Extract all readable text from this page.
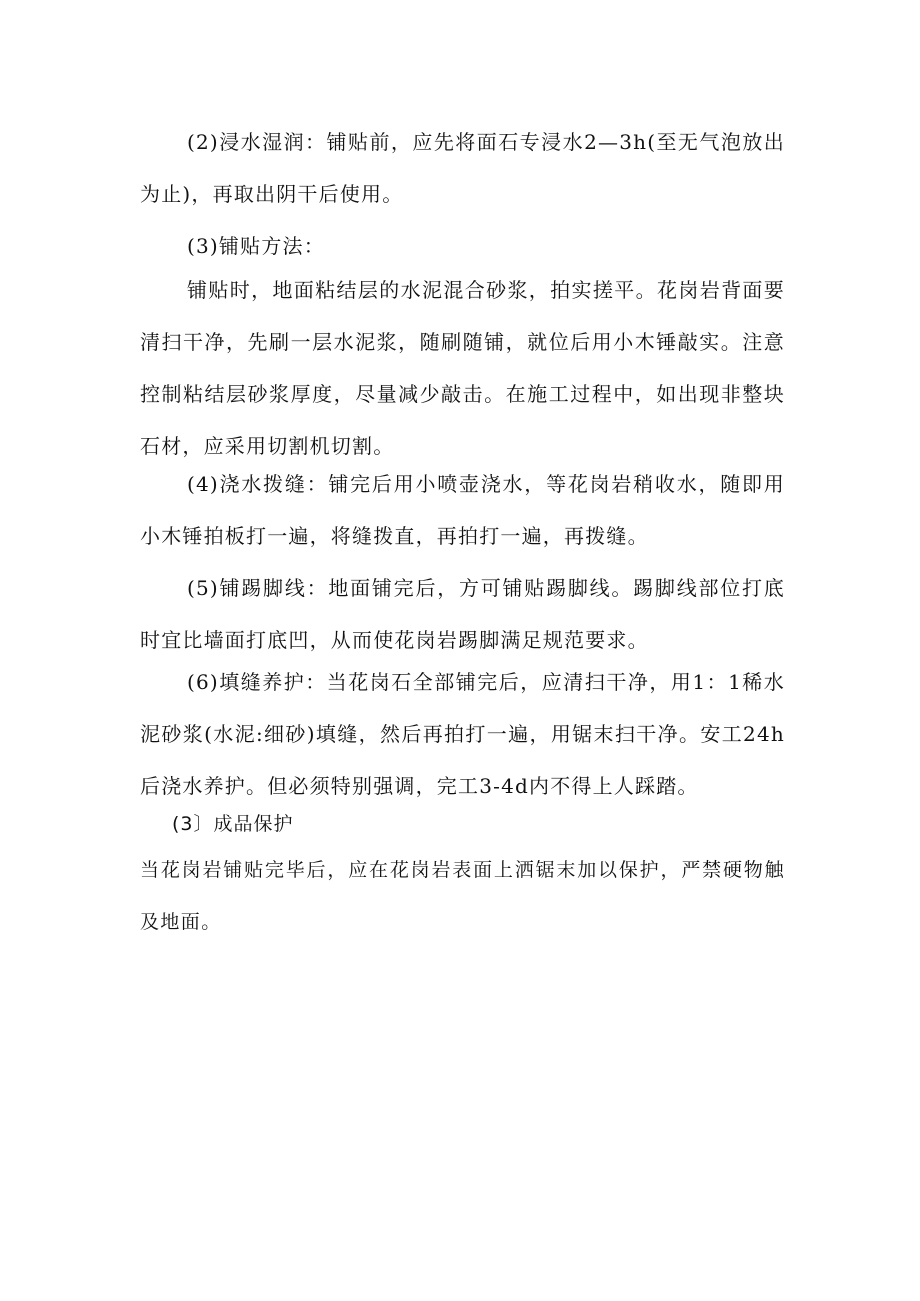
(2)浸水湿润：铺贴前，应先将面石专浸水2—3h(至无气泡放出为止)，再取出阴干后使用。

(3)铺贴方法：

铺贴时，地面粘结层的水泥混合砂浆，拍实搓平。花岗岩背面要清扫干净，先刷一层水泥浆，随刷随铺，就位后用小木锤敲实。注意控制粘结层砂浆厚度，尽量减少敲击。在施工过程中，如出现非整块石材，应采用切割机切割。

(4)浇水拨缝：铺完后用小喷壶浇水，等花岗岩稍收水，随即用小木锤拍板打一遍，将缝拨直，再拍打一遍，再拨缝。

(5)铺踢脚线：地面铺完后，方可铺贴踢脚线。踢脚线部位打底时宜比墙面打底凹，从而使花岗岩踢脚满足规范要求。

(6)填缝养护：当花岗石全部铺完后，应清扫干净，用1：1稀水泥砂浆(水泥:细砂)填缝，然后再拍打一遍，用锯末扫干净。安工24h后浇水养护。但必须特别强调，完工3-4d内不得上人踩踏。

(3〕成品保护

当花岗岩铺贴完毕后，应在花岗岩表面上洒锯末加以保护，严禁硬物触及地面。
